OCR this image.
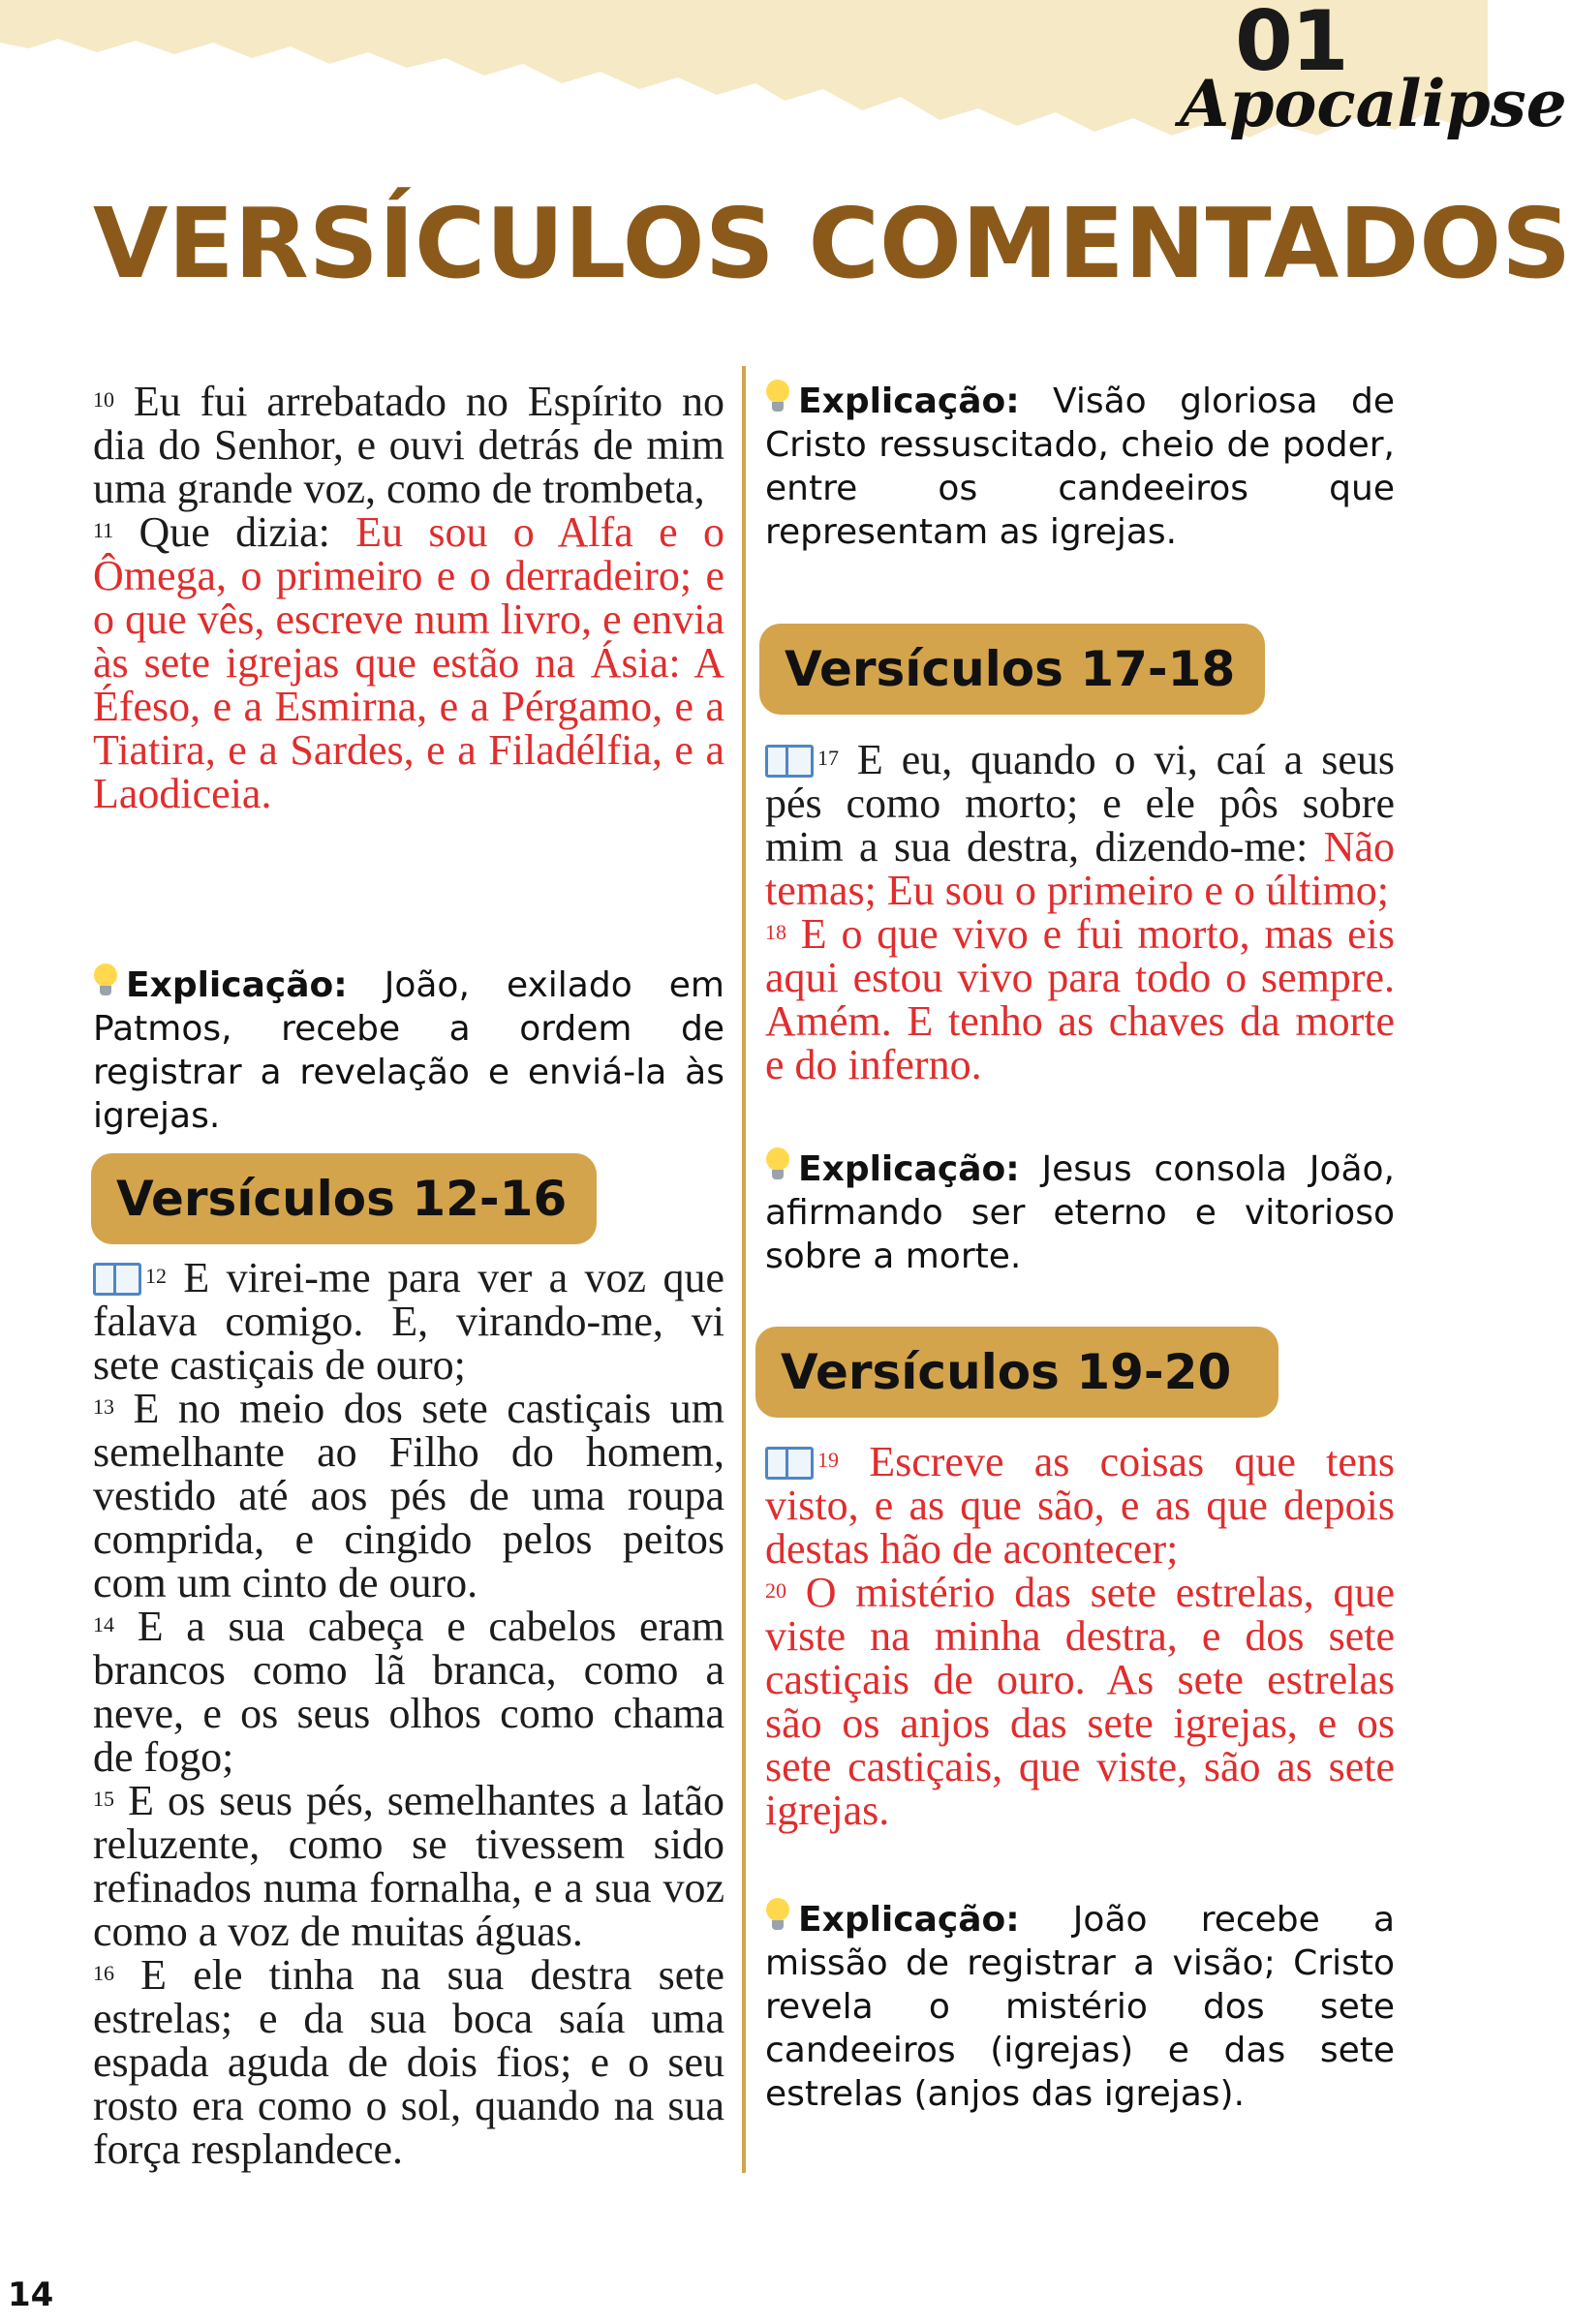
01
Apocalipse
VERSÍCULOS COMENTADOS

$^{10}$ Eu fui arrebatado no Espírito no dia do Senhor, e ouvi detrás de mim uma grande voz, como de trombeta,

$^{11}$ Que dizia: Eu sou o Alfa e o Ômega, o primeiro e o derradeiro; e o que vês, escreve num livro, e envia às sete igrejas que estão na Ásia: A Éfeso, e a Esmirna, e a Pérgamo, e a Tiatira, e a Sardes, e a Filadélfia, e a Laodiceia.

Explicação: João, exilado em Patmos, recebe a ordem de registrar a revelação e enviá-la às igrejas.

Versículos 12-16

$^{12}$ E virei-me para ver a voz que falava comigo. E, virando-me, vi sete castiçais de ouro;

$^{13}$ E no meio dos sete castiçais um semelhante ao Filho do homem, vestido até aos pés de uma roupa comprida, e cingido pelos peitos com um cinto de ouro.

$^{14}$ E a sua cabeça e cabelos eram brancos como lã branca, como a neve, e os seus olhos como chama de fogo;

$^{15}$ E os seus pés, semelhantes a latão reluzente, como se tivessem sido refinados numa fornalha, e a sua voz como a voz de muitas águas.

$^{16}$ E ele tinha na sua destra sete estrelas; e da sua boca saía uma espada aguda de dois fios; e o seu rosto era como o sol, quando na sua força resplandece.

Explicação: Visão gloriosa de Cristo ressuscitado, cheio de poder, entre os candeeiros que representam as igrejas.

Versículos 17-18

$^{17}$ E eu, quando o vi, caí a seus pés como morto; e ele pôs sobre mim a sua destra, dizendo-me: Não temas; Eu sou o primeiro e o último;

$^{18}$ E o que vivo e fui morto, mas eis aqui estou vivo para todo o sempre. Amém. E tenho as chaves da morte e do inferno.

Explicação: Jesus consola João, afirmando ser eterno e vitorioso sobre a morte.

Versículos 19-20

$^{19}$ Escreve as coisas que tens visto, e as que são, e as que depois destas hão de acontecer;

$^{20}$ O mistério das sete estrelas, que viste na minha destra, e dos sete castiçais de ouro. As sete estrelas são os anjos das sete igrejas, e os sete castiçais, que viste, são as sete igrejas.

Explicação: João recebe a missão de registrar a visão; Cristo revela o mistério dos sete candeeiros (igrejas) e das sete estrelas (anjos das igrejas).

14
